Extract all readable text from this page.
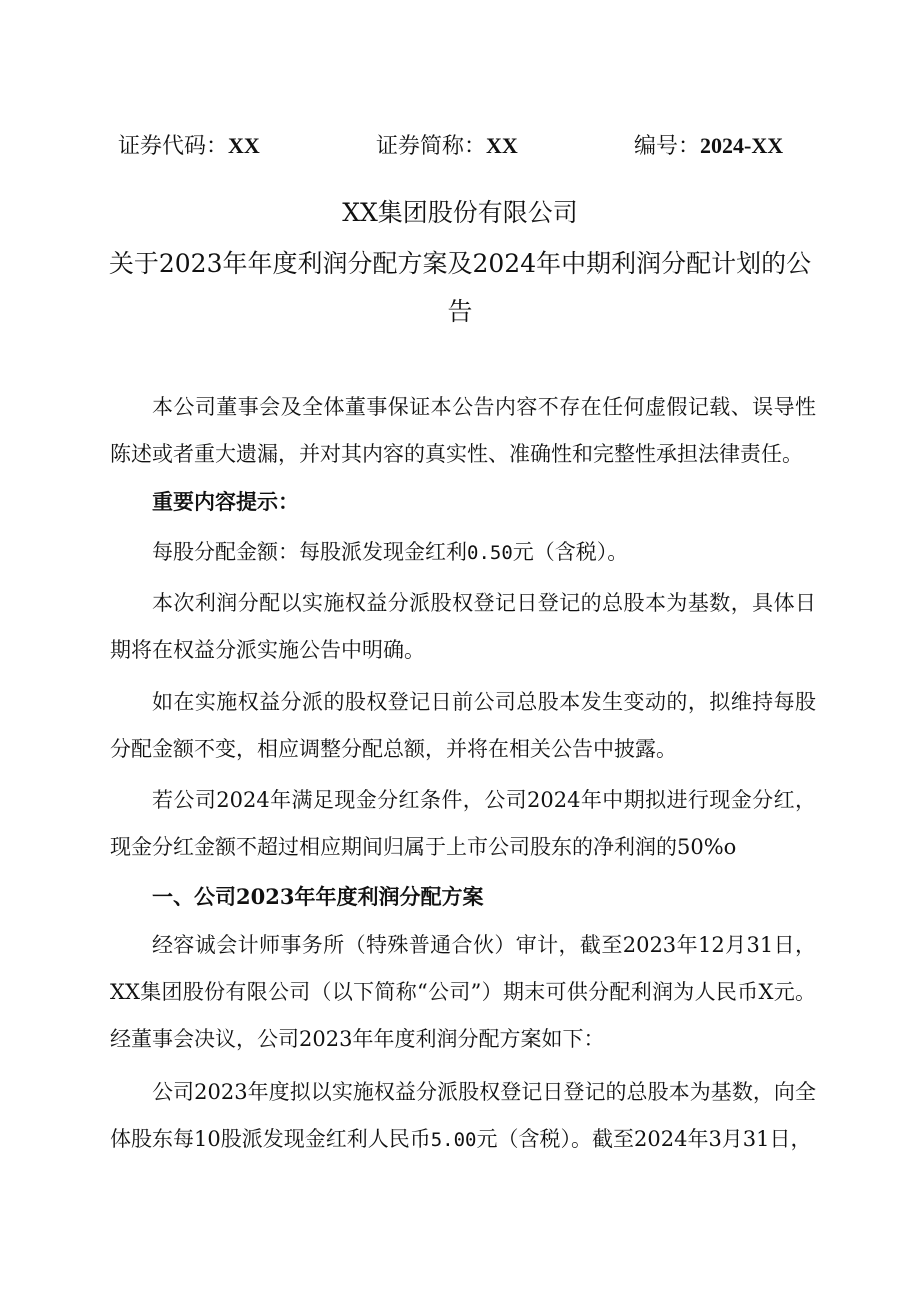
证券代码：XX	证券简称：XX	编号：2024-XX
XX集团股份有限公司
关于2023年年度利润分配方案及2024年中期利润分配计划的公
告
本公司董事会及全体董事保证本公告内容不存在任何虚假记载、误导性陈述或者重大遗漏，并对其内容的真实性、准确性和完整性承担法律责任。
重要内容提示：
每股分配金额：每股派发现金红利0.50元（含税）。
本次利润分配以实施权益分派股权登记日登记的总股本为基数，具体日期将在权益分派实施公告中明确。
如在实施权益分派的股权登记日前公司总股本发生变动的，拟维持每股分配金额不变，相应调整分配总额，并将在相关公告中披露。
若公司2024年满足现金分红条件，公司2024年中期拟进行现金分红，现金分红金额不超过相应期间归属于上市公司股东的净利润的50%o
一、公司2023年年度利润分配方案
经容诚会计师事务所（特殊普通合伙）审计，截至2023年12月31日，XX集团股份有限公司（以下简称“公司”）期末可供分配利润为人民币X元。经董事会决议，公司2023年年度利润分配方案如下：
公司2023年度拟以实施权益分派股权登记日登记的总股本为基数，向全体股东每10股派发现金红利人民币5.00元（含税）。截至2024年3月31日，
